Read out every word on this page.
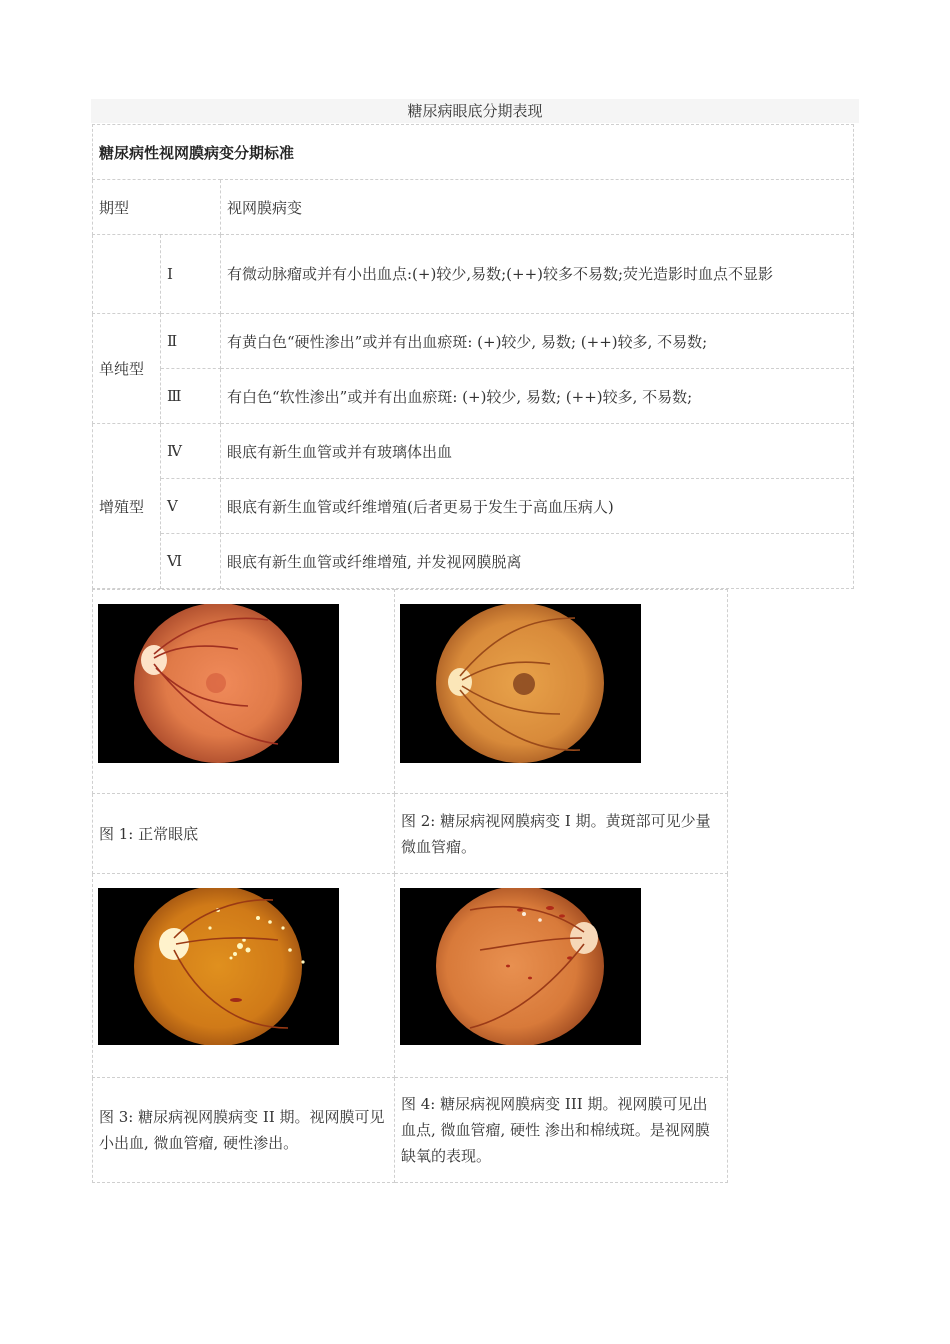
糖尿病眼底分期表现
糖尿病性视网膜病变分期标准		
期型		视网膜病变
	Ⅰ	有微动脉瘤或并有小出血点:(+)较少,易数;(++)较多不易数;荧光造影时血点不显影
单纯型	Ⅱ	有黄白色“硬性渗出”或并有出血瘀斑: (+)较少, 易数; (++)较多, 不易数;
	Ⅲ	有白色“软性渗出”或并有出血瘀斑: (+)较少, 易数; (++)较多, 不易数;
增殖型	Ⅳ	眼底有新生血管或并有玻璃体出血
	Ⅴ	眼底有新生血管或纤维增殖(后者更易于发生于高血压病人)
	Ⅵ	眼底有新生血管或纤维增殖, 并发视网膜脱离

图 1: 正常眼底	图 2: 糖尿病视网膜病变 I 期。黄斑部可见少量微血管瘤。

图 3: 糖尿病视网膜病变 II 期。视网膜可见小出血, 微血管瘤, 硬性渗出。	图 4: 糖尿病视网膜病变 III 期。视网膜可见出血点, 微血管瘤, 硬性 渗出和棉绒斑。是视网膜缺氧的表现。
